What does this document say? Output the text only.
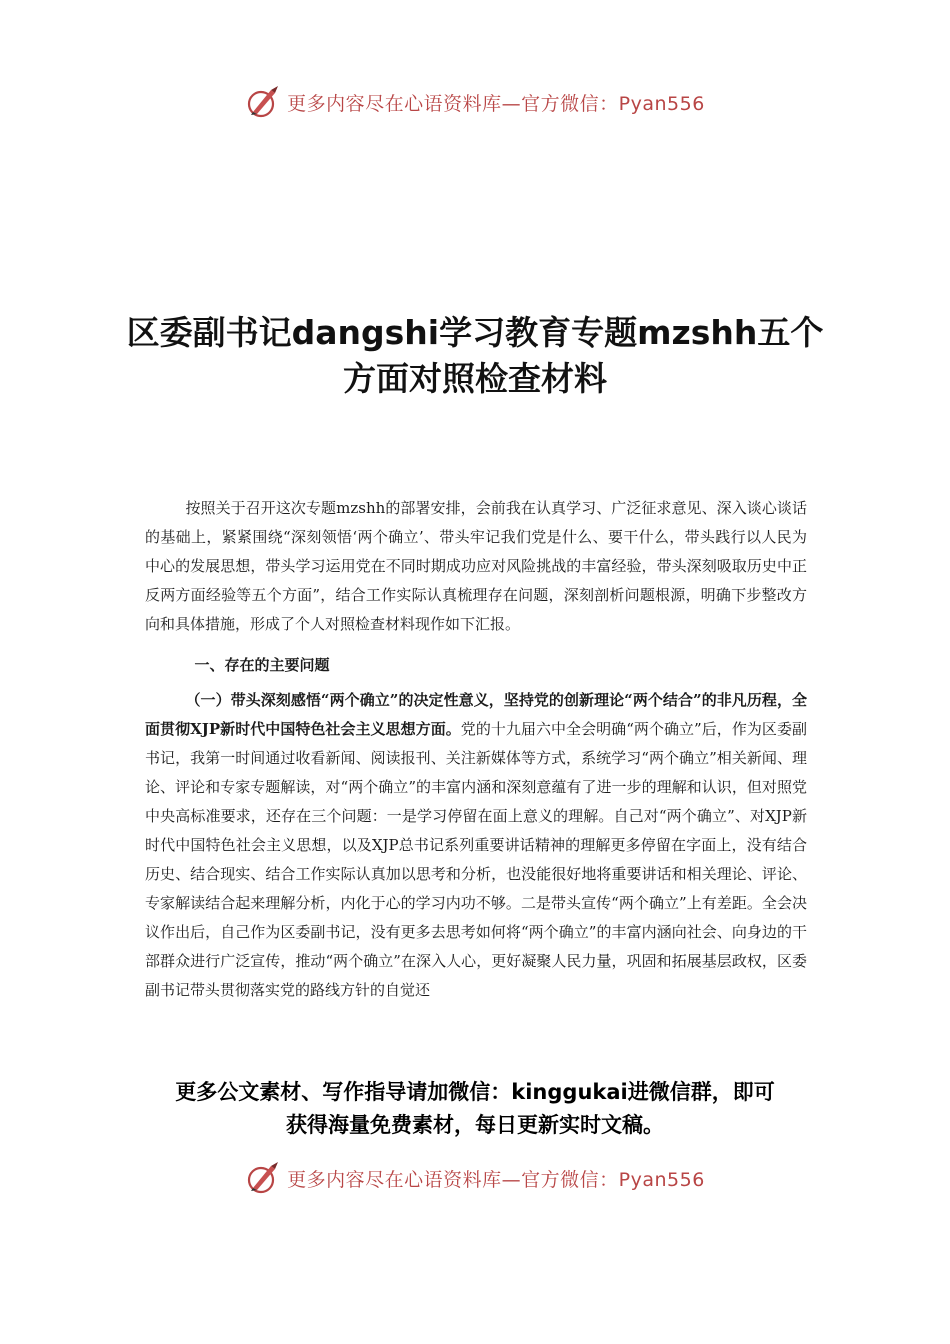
更多内容尽在心语资料库—官方微信：Pyan556
区委副书记dangshi学习教育专题mzshh五个方面对照检查材料

按照关于召开这次专题mzshh的部署安排，会前我在认真学习、广泛征求意见、深入谈心谈话的基础上，紧紧围绕“深刻领悟‘两个确立’、带头牢记我们党是什么、要干什么，带头践行以人民为中心的发展思想，带头学习运用党在不同时期成功应对风险挑战的丰富经验，带头深刻吸取历史中正反两方面经验等五个方面”，结合工作实际认真梳理存在问题，深刻剖析问题根源，明确下步整改方向和具体措施，形成了个人对照检查材料现作如下汇报。

一、存在的主要问题

（一）带头深刻感悟“两个确立”的决定性意义，坚持党的创新理论“两个结合”的非凡历程，全面贯彻XJP新时代中国特色社会主义思想方面。党的十九届六中全会明确“两个确立”后，作为区委副书记，我第一时间通过收看新闻、阅读报刊、关注新媒体等方式，系统学习“两个确立”相关新闻、理论、评论和专家专题解读，对“两个确立”的丰富内涵和深刻意蕴有了进一步的理解和认识，但对照党中央高标准要求，还存在三个问题：一是学习停留在面上意义的理解。自己对“两个确立”、对XJP新时代中国特色社会主义思想，以及XJP总书记系列重要讲话精神的理解更多停留在字面上，没有结合历史、结合现实、结合工作实际认真加以思考和分析，也没能很好地将重要讲话和相关理论、评论、专家解读结合起来理解分析，内化于心的学习内功不够。二是带头宣传“两个确立”上有差距。全会决议作出后，自己作为区委副书记，没有更多去思考如何将“两个确立”的丰富内涵向社会、向身边的干部群众进行广泛宣传，推动“两个确立”在深入人心，更好凝聚人民力量，巩固和拓展基层政权，区委副书记带头贯彻落实党的路线方针的自觉还

更多公文素材、写作指导请加微信：kinggukai进微信群，即可
获得海量免费素材，每日更新实时文稿。
更多内容尽在心语资料库—官方微信：Pyan556
